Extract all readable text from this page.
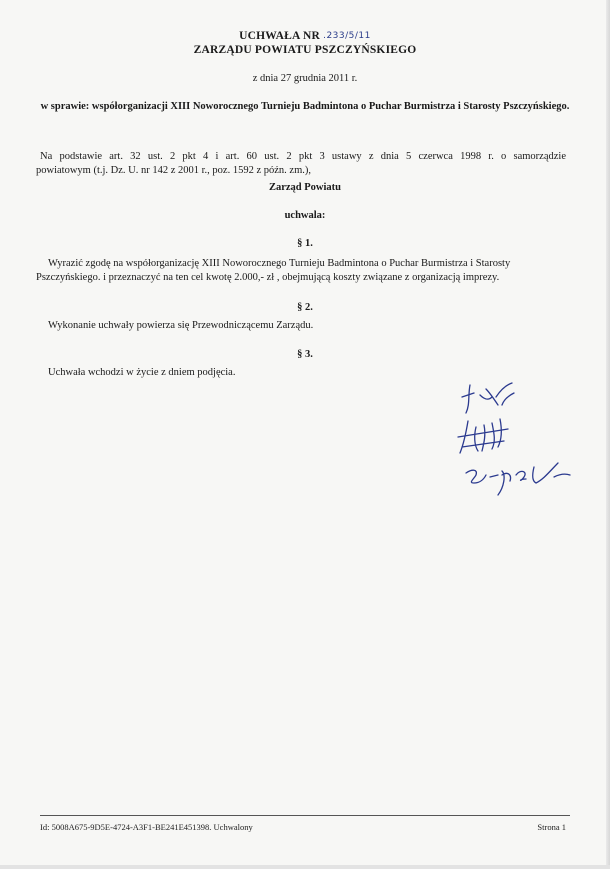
UCHWAŁA NR .233/5/11
ZARZĄDU POWIATU PSZCZYŃSKIEGO
z dnia 27 grudnia 2011 r.
w sprawie: współorganizacji XIII Noworocznego Turnieju Badmintona o Puchar Burmistrza i Starosty Pszczyńskiego.
Na podstawie art. 32 ust. 2 pkt 4 i art. 60 ust. 2 pkt 3 ustawy z dnia 5 czerwca 1998 r. o samorządzie
powiatowym (t.j. Dz. U. nr 142 z 2001 r., poz. 1592 z późn. zm.),
Zarząd Powiatu
uchwala:
§ 1.
Wyrazić zgodę na współorganizację XIII Noworocznego Turnieju Badmintona o Puchar Burmistrza i Starosty
Pszczyńskiego. i przeznaczyć na ten cel kwotę 2.000,- zł , obejmującą koszty związane z organizacją imprezy.
§ 2.
Wykonanie uchwały powierza się Przewodniczącemu Zarządu.
§ 3.
Uchwała wchodzi w życie z dniem podjęcia.
Id: 5008A675-9D5E-4724-A3F1-BE241E451398. Uchwalony	Strona 1
